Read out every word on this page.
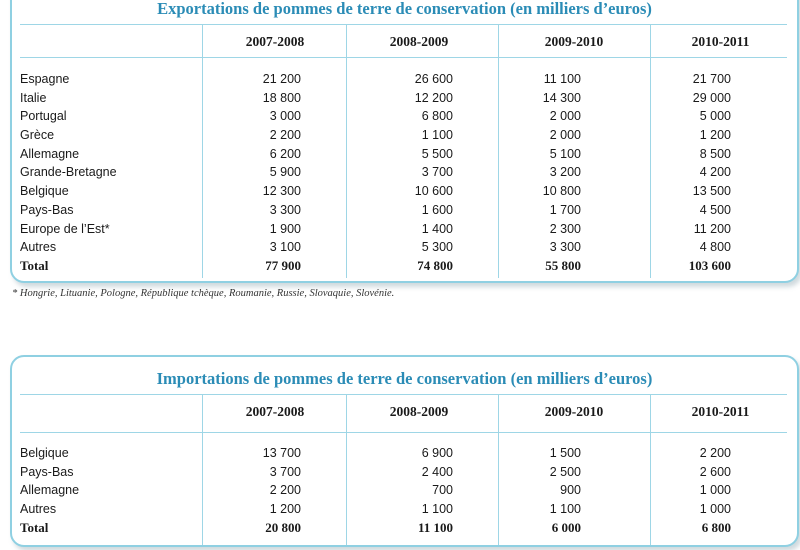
Exportations de pommes de terre de conservation (en milliers d’euros)
2007-2008	2008-2009	2009-2010	2010-2011
Espagne	21 200	26 600	11 100	21 700
Italie	18 800	12 200	14 300	29 000
Portugal	3 000	6 800	2 000	5 000
Grèce	2 200	1 100	2 000	1 200
Allemagne	6 200	5 500	5 100	8 500
Grande-Bretagne	5 900	3 700	3 200	4 200
Belgique	12 300	10 600	10 800	13 500
Pays-Bas	3 300	1 600	1 700	4 500
Europe de l’Est*	1 900	1 400	2 300	11 200
Autres	3 100	5 300	3 300	4 800
Total	77 900	74 800	55 800	103 600
* Hongrie, Lituanie, Pologne, République tchèque, Roumanie, Russie, Slovaquie, Slovénie.
Importations de pommes de terre de conservation (en milliers d’euros)
2007-2008	2008-2009	2009-2010	2010-2011
Belgique	13 700	6 900	1 500	2 200
Pays-Bas	3 700	2 400	2 500	2 600
Allemagne	2 200	700	900	1 000
Autres	1 200	1 100	1 100	1 000
Total	20 800	11 100	6 000	6 800
